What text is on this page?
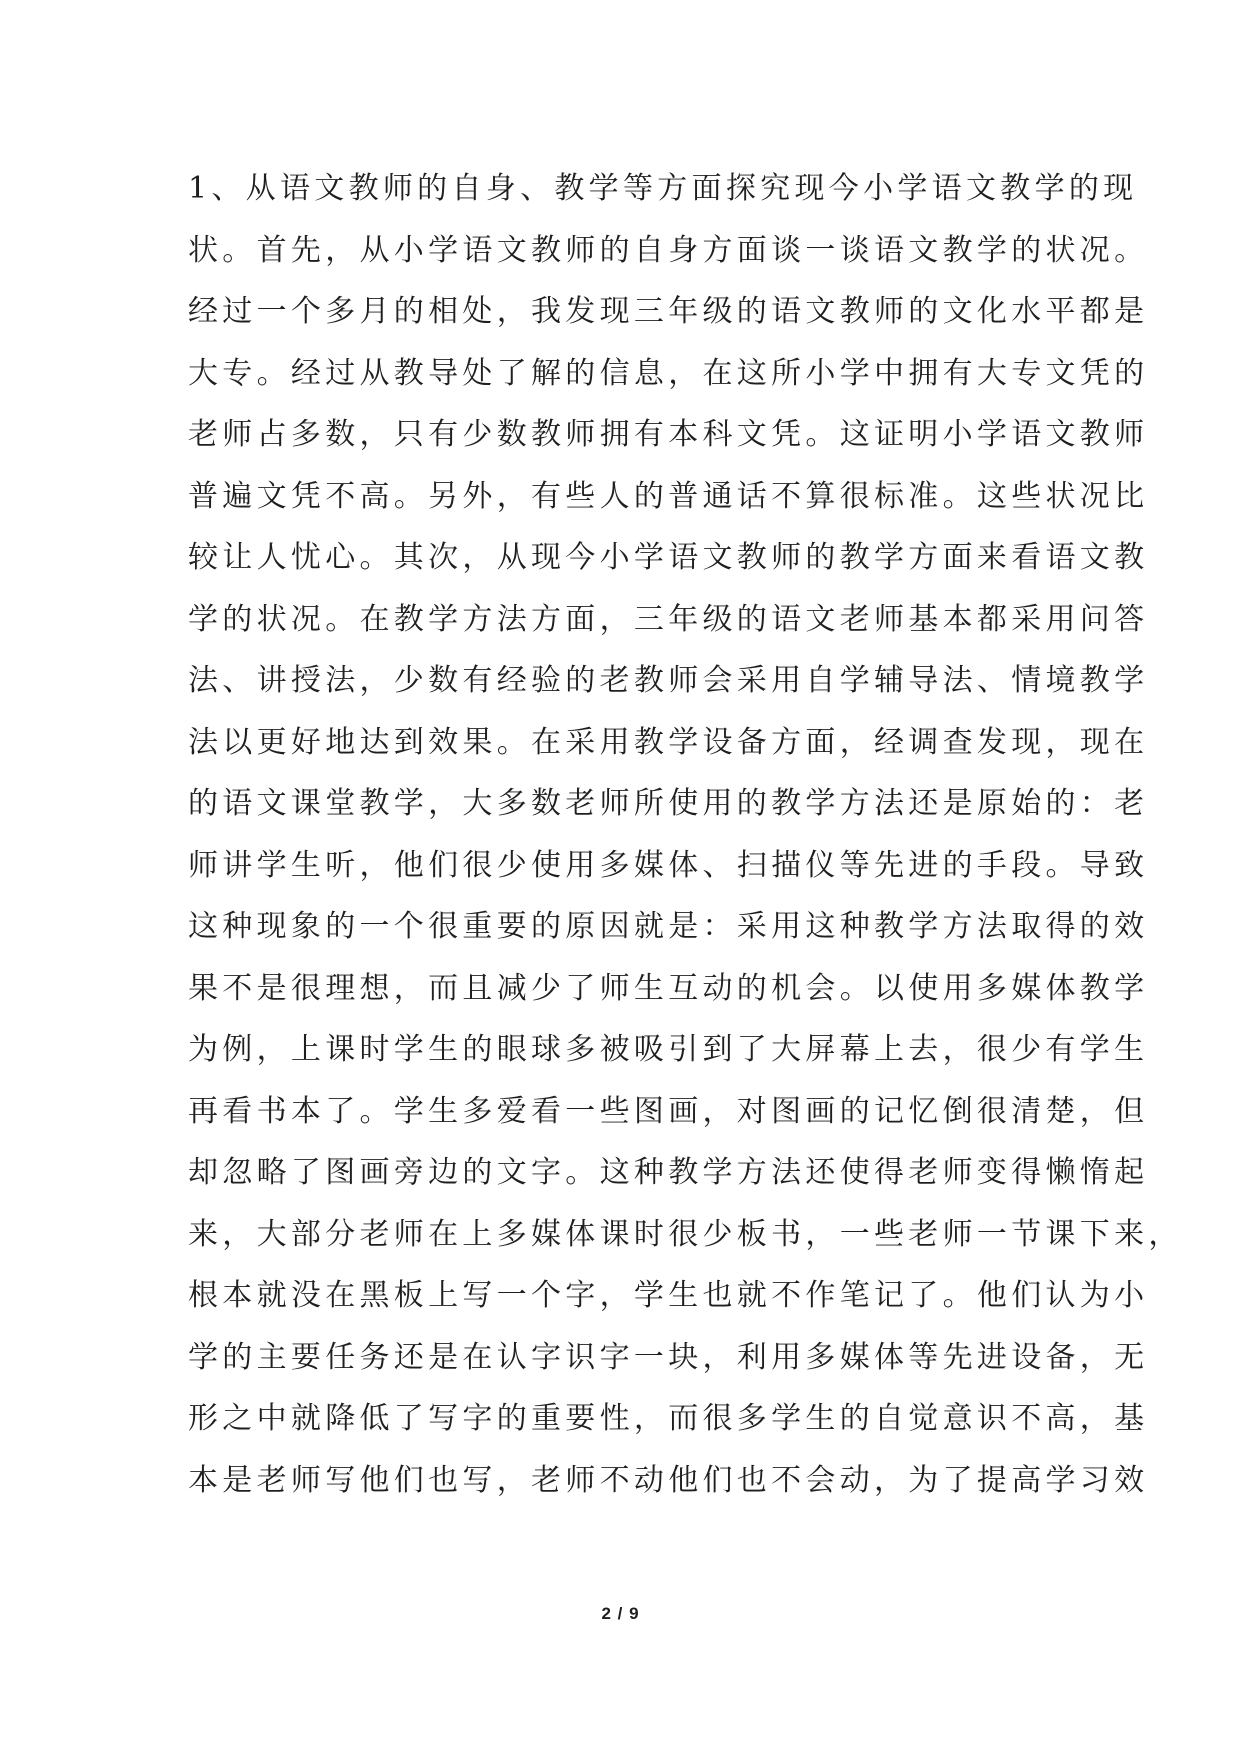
1、从语文教师的自身、教学等方面探究现今小学语文教学的现
状。首先，从小学语文教师的自身方面谈一谈语文教学的状况。
经过一个多月的相处，我发现三年级的语文教师的文化水平都是
大专。经过从教导处了解的信息，在这所小学中拥有大专文凭的
老师占多数，只有少数教师拥有本科文凭。这证明小学语文教师
普遍文凭不高。另外，有些人的普通话不算很标准。这些状况比
较让人忧心。其次，从现今小学语文教师的教学方面来看语文教
学的状况。在教学方法方面，三年级的语文老师基本都采用问答
法、讲授法，少数有经验的老教师会采用自学辅导法、情境教学
法以更好地达到效果。在采用教学设备方面，经调查发现，现在
的语文课堂教学，大多数老师所使用的教学方法还是原始的：老
师讲学生听，他们很少使用多媒体、扫描仪等先进的手段。导致
这种现象的一个很重要的原因就是：采用这种教学方法取得的效
果不是很理想，而且减少了师生互动的机会。以使用多媒体教学
为例，上课时学生的眼球多被吸引到了大屏幕上去，很少有学生
再看书本了。学生多爱看一些图画，对图画的记忆倒很清楚，但
却忽略了图画旁边的文字。这种教学方法还使得老师变得懒惰起
来，大部分老师在上多媒体课时很少板书，一些老师一节课下来，
根本就没在黑板上写一个字，学生也就不作笔记了。他们认为小
学的主要任务还是在认字识字一块，利用多媒体等先进设备，无
形之中就降低了写字的重要性，而很多学生的自觉意识不高，基
本是老师写他们也写，老师不动他们也不会动，为了提高学习效
2 / 9
